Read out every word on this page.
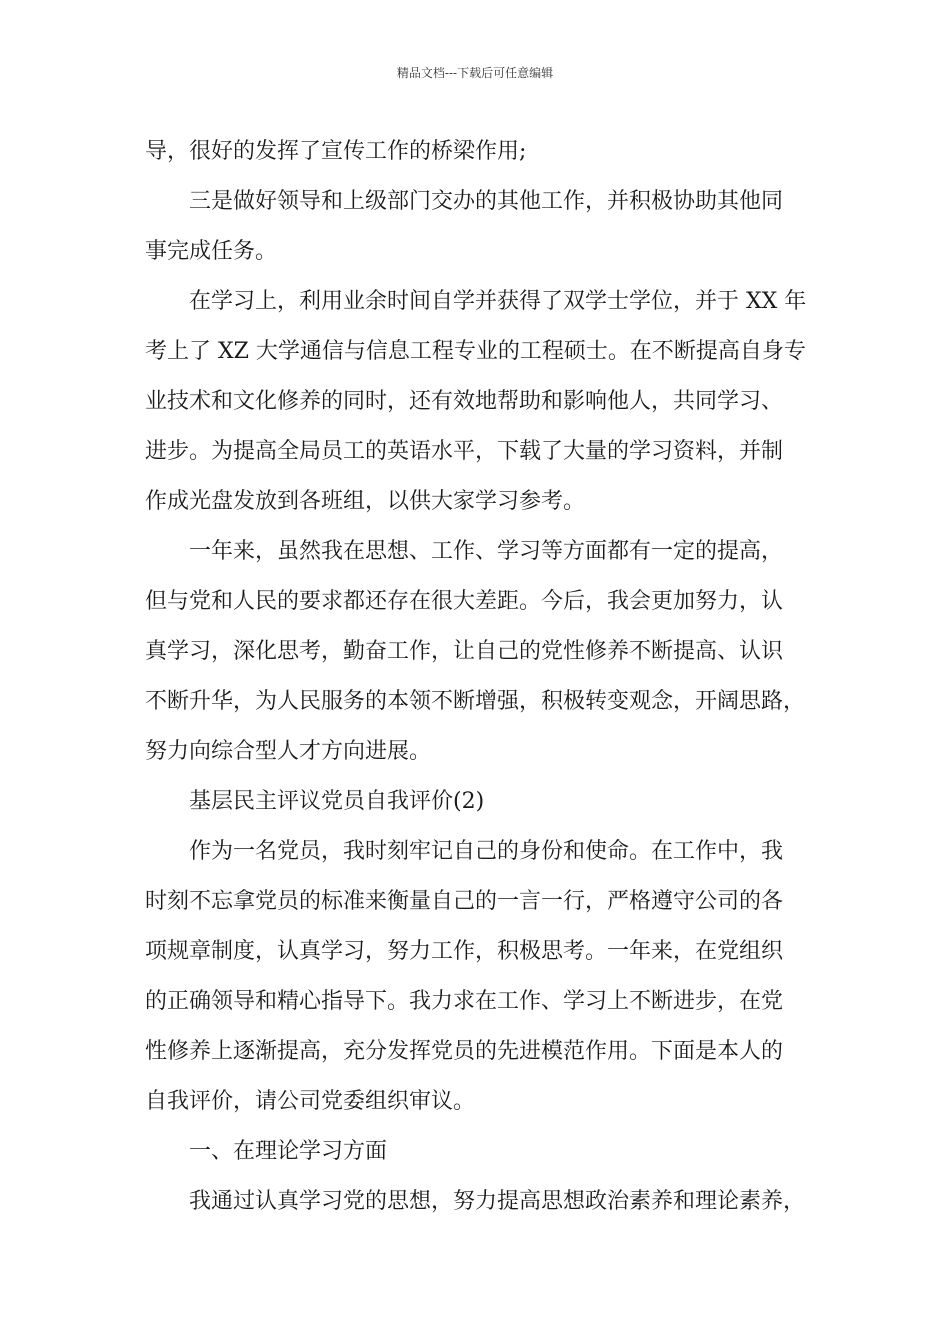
精品文档---下载后可任意编辑
导，很好的发挥了宣传工作的桥梁作用;
三是做好领导和上级部门交办的其他工作，并积极协助其他同
事完成任务。
在学习上，利用业余时间自学并获得了双学士学位，并于 XX 年
考上了 XZ 大学通信与信息工程专业的工程硕士。在不断提高自身专
业技术和文化修养的同时，还有效地帮助和影响他人，共同学习、
进步。为提高全局员工的英语水平，下载了大量的学习资料，并制
作成光盘发放到各班组，以供大家学习参考。
一年来，虽然我在思想、工作、学习等方面都有一定的提高，
但与党和人民的要求都还存在很大差距。今后，我会更加努力，认
真学习，深化思考，勤奋工作，让自己的党性修养不断提高、认识
不断升华，为人民服务的本领不断增强，积极转变观念，开阔思路，
努力向综合型人才方向进展。
基层民主评议党员自我评价(2)
作为一名党员，我时刻牢记自己的身份和使命。在工作中，我
时刻不忘拿党员的标准来衡量自己的一言一行，严格遵守公司的各
项规章制度，认真学习，努力工作，积极思考。一年来，在党组织
的正确领导和精心指导下。我力求在工作、学习上不断进步，在党
性修养上逐渐提高，充分发挥党员的先进模范作用。下面是本人的
自我评价，请公司党委组织审议。
一、在理论学习方面
我通过认真学习党的思想，努力提高思想政治素养和理论素养，
